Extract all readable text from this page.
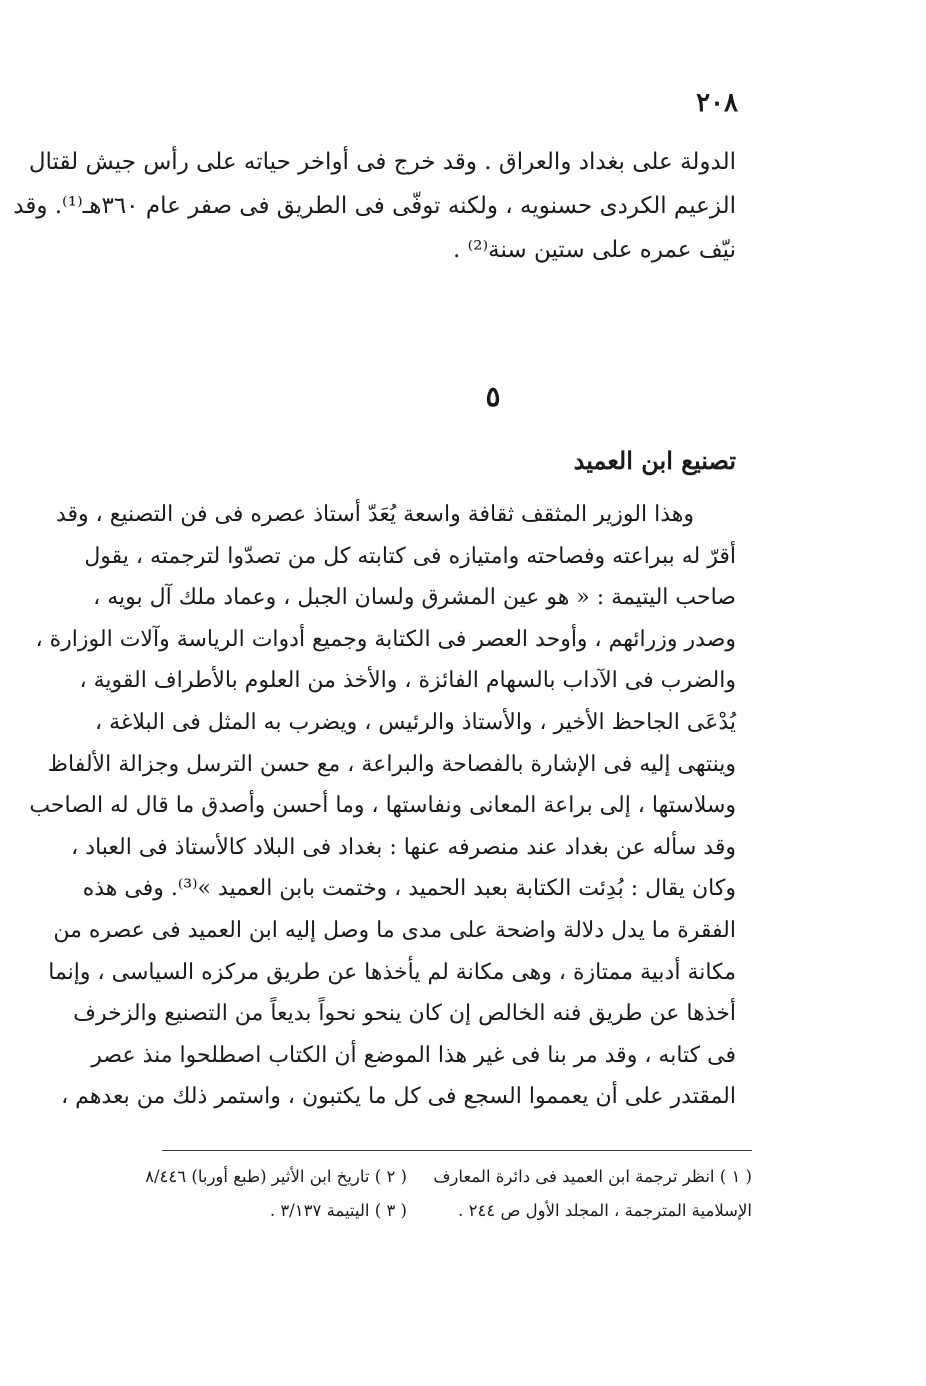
٢٠٨
الدولة على بغداد والعراق . وقد خرج فى أواخر حياته على رأس جيش لقتال
الزعيم الكردى حسنويه ، ولكنه توفّى فى الطريق فى صفر عام ٣٦٠هـ⁽¹⁾. وقد
نيّف عمره على ستين سنة⁽²⁾ .
٥
تصنيع ابن العميد
وهذا الوزير المثقف ثقافة واسعة يُعَدّ أستاذ عصره فى فن التصنيع ، وقد
أقرّ له ببراعته وفصاحته وامتيازه فى كتابته كل من تصدّوا لترجمته ، يقول
صاحب اليتيمة : « هو عين المشرق ولسان الجبل ، وعماد ملك آل بويه ،
وصدر وزرائهم ، وأوحد العصر فى الكتابة وجميع أدوات الرياسة وآلات الوزارة ،
والضرب فى الآداب بالسهام الفائزة ، والأخذ من العلوم بالأطراف القوية ،
يُدْعَى الجاحظ الأخير ، والأستاذ والرئيس ، ويضرب به المثل فى البلاغة ،
وينتهى إليه فى الإشارة بالفصاحة والبراعة ، مع حسن الترسل وجزالة الألفاظ
وسلاستها ، إلى براعة المعانى ونفاستها ، وما أحسن وأصدق ما قال له الصاحب
وقد سأله عن بغداد عند منصرفه عنها : بغداد فى البلاد كالأستاذ فى العباد ،
وكان يقال : بُدِئت الكتابة بعبد الحميد ، وختمت بابن العميد »⁽³⁾. وفى هذه
الفقرة ما يدل دلالة واضحة على مدى ما وصل إليه ابن العميد فى عصره من
مكانة أدبية ممتازة ، وهى مكانة لم يأخذها عن طريق مركزه السياسى ، وإنما
أخذها عن طريق فنه الخالص إن كان ينحو نحواً بديعاً من التصنيع والزخرف
فى كتابه ، وقد مر بنا فى غير هذا الموضع أن الكتاب اصطلحوا منذ عصر
المقتدر على أن يعمموا السجع فى كل ما يكتبون ، واستمر ذلك من بعدهم ،
( ١ ) انظر ترجمة ابن العميد فى دائرة المعارف
الإسلامية المترجمة ، المجلد الأول ص ٢٤٤ .
( ٢ ) تاريخ ابن الأثير (طبع أوربا) ٨/٤٤٦
( ٣ ) اليتيمة ٣/١٣٧ .
